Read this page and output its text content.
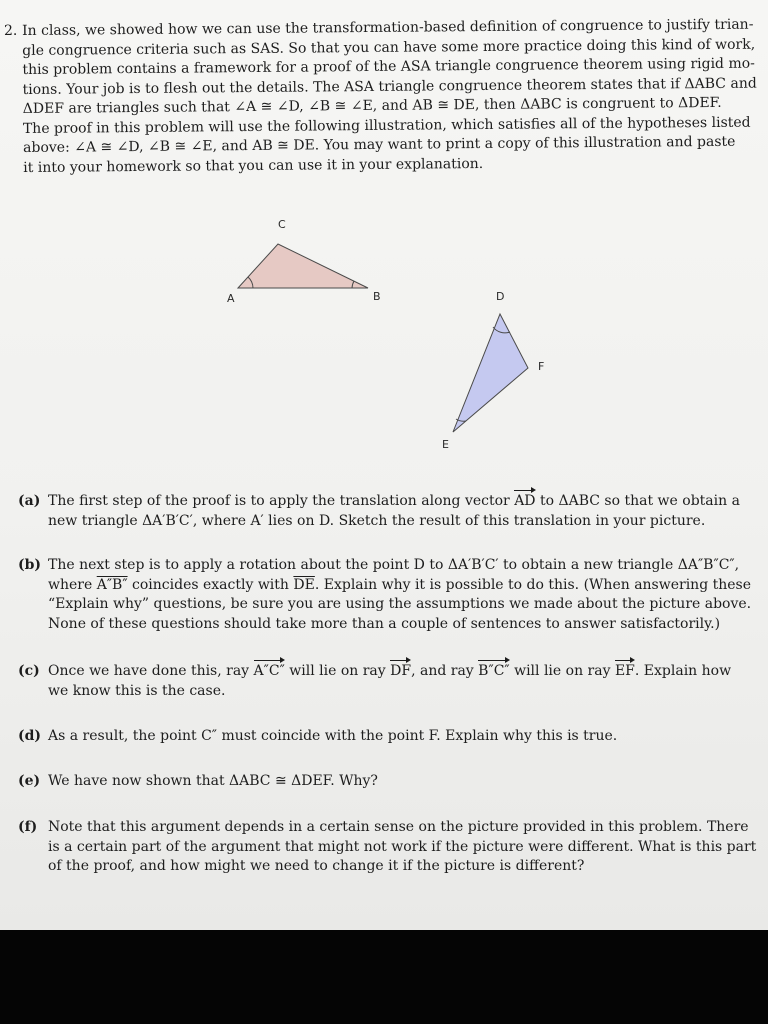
2. In class, we showed how we can use the transformation-based definition of congruence to justify trian-
gle congruence criteria such as SAS. So that you can have some more practice doing this kind of work,
this problem contains a framework for a proof of the ASA triangle congruence theorem using rigid mo-
tions. Your job is to flesh out the details. The ASA triangle congruence theorem states that if ΔABC and
ΔDEF are triangles such that ∠A ≅ ∠D, ∠B ≅ ∠E, and AB ≅ DE, then ΔABC is congruent to ΔDEF.
The proof in this problem will use the following illustration, which satisfies all of the hypotheses listed
above: ∠A ≅ ∠D, ∠B ≅ ∠E, and AB ≅ DE. You may want to print a copy of this illustration and paste
it into your homework so that you can use it in your explanation.
C
A	B	D
F
E
(a) The first step of the proof is to apply the translation along vector AD to ΔABC so that we obtain a
new triangle ΔA′B′C′, where A′ lies on D. Sketch the result of this translation in your picture.
(b) The next step is to apply a rotation about the point D to ΔA′B′C′ to obtain a new triangle ΔA″B″C″,
where A″B″ coincides exactly with $\overline{DE}$. Explain why it is possible to do this. (When answering these
“Explain why” questions, be sure you are using the assumptions we made about the picture above.
None of these questions should take more than a couple of sentences to answer satisfactorily.)
(c) Once we have done this, ray A″C″ will lie on ray DF, and ray B″C″ will lie on ray EF. Explain how
we know this is the case.
(d) As a result, the point C″ must coincide with the point F. Explain why this is true.
(e) We have now shown that ΔABC ≅ ΔDEF. Why?
(f) Note that this argument depends in a certain sense on the picture provided in this problem. There
is a certain part of the argument that might not work if the picture were different. What is this part
of the proof, and how might we need to change it if the picture is different?
